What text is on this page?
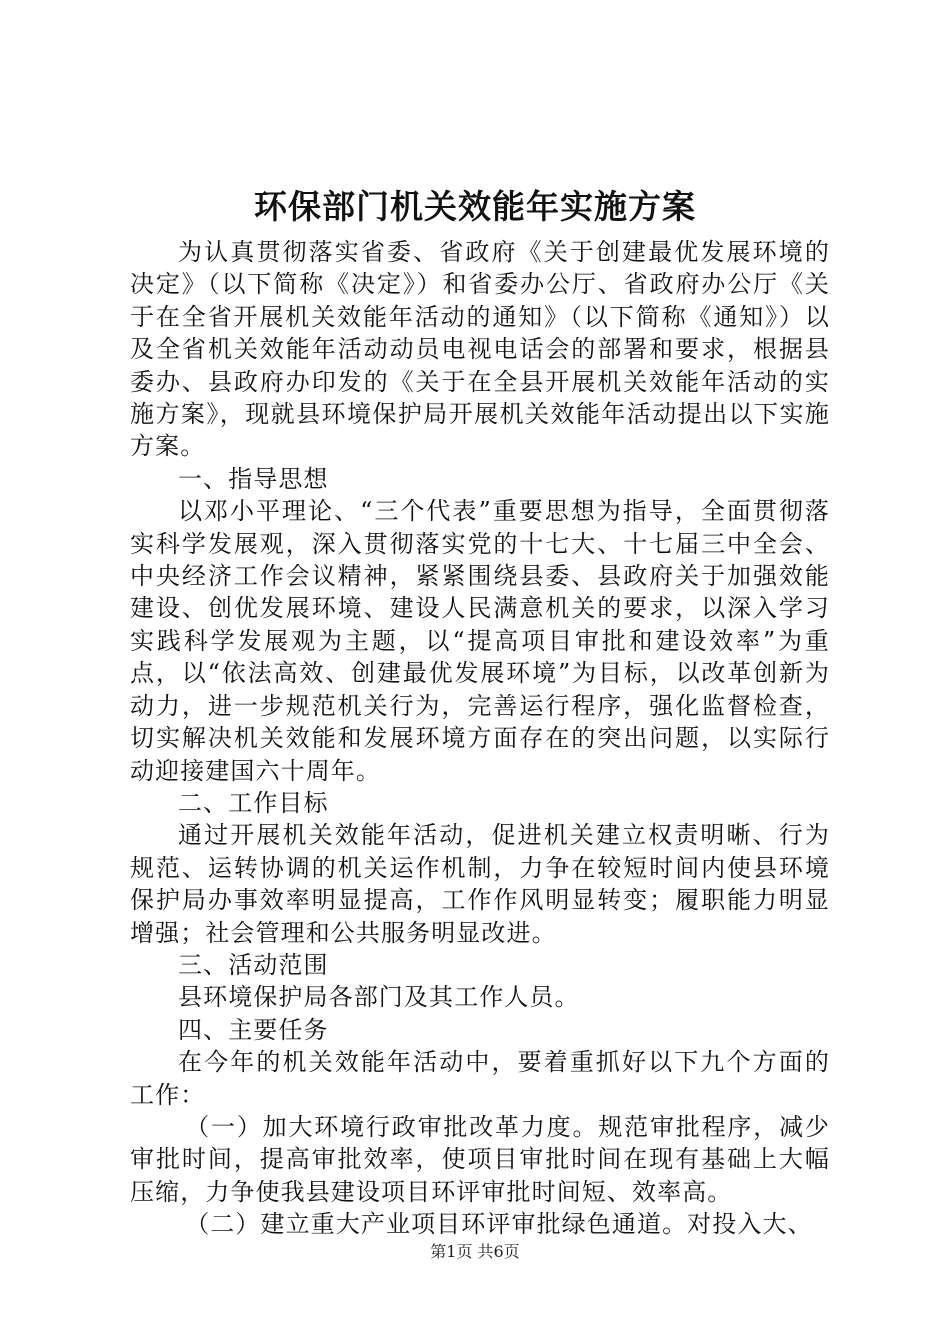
环保部门机关效能年实施方案

为认真贯彻落实省委、省政府《关于创建最优发展环境的决定》（以下简称《决定》）和省委办公厅、省政府办公厅《关于在全省开展机关效能年活动的通知》（以下简称《通知》）以及全省机关效能年活动动员电视电话会的部署和要求，根据县委办、县政府办印发的《关于在全县开展机关效能年活动的实施方案》，现就县环境保护局开展机关效能年活动提出以下实施方案。

一、指导思想

以邓小平理论、“三个代表”重要思想为指导，全面贯彻落实科学发展观，深入贯彻落实党的十七大、十七届三中全会、中央经济工作会议精神，紧紧围绕县委、县政府关于加强效能建设、创优发展环境、建设人民满意机关的要求，以深入学习实践科学发展观为主题，以“提高项目审批和建设效率”为重点，以“依法高效、创建最优发展环境”为目标，以改革创新为动力，进一步规范机关行为，完善运行程序，强化监督检查，切实解决机关效能和发展环境方面存在的突出问题，以实际行动迎接建国六十周年。

二、工作目标

通过开展机关效能年活动，促进机关建立权责明晰、行为规范、运转协调的机关运作机制，力争在较短时间内使县环境保护局办事效率明显提高，工作作风明显转变；履职能力明显增强；社会管理和公共服务明显改进。

三、活动范围

县环境保护局各部门及其工作人员。

四、主要任务

在今年的机关效能年活动中，要着重抓好以下九个方面的工作：

（一）加大环境行政审批改革力度。规范审批程序，减少审批时间，提高审批效率，使项目审批时间在现有基础上大幅压缩，力争使我县建设项目环评审批时间短、效率高。

（二）建立重大产业项目环评审批绿色通道。对投入大、

第1页 共6页
